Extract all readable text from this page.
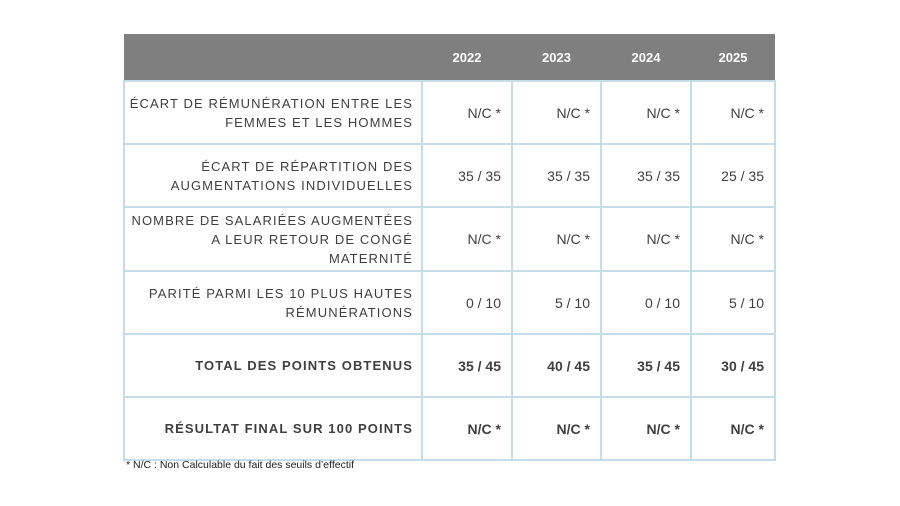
	2022	2023	2024	2025

ÉCART DE RÉMUNÉRATION ENTRE LES
FEMMES ET LES HOMMES	N/C *	N/C *	N/C *	N/C *

ÉCART DE RÉPARTITION DES
AUGMENTATIONS INDIVIDUELLES	35 / 35	35 / 35	35 / 35	25 / 35

NOMBRE DE SALARIÉES AUGMENTÉES
A LEUR RETOUR DE CONGÉ
MATERNITÉ	N/C *	N/C *	N/C *	N/C *

PARITÉ PARMI LES 10 PLUS HAUTES
RÉMUNÉRATIONS	0 / 10	5 / 10	0 / 10	5 / 10

TOTAL DES POINTS OBTENUS	35 / 45	40 / 45	35 / 45	30 / 45

RÉSULTAT FINAL SUR 100 POINTS	N/C *	N/C *	N/C *	N/C *
* N/C : Non Calculable du fait des seuils d’effectif
